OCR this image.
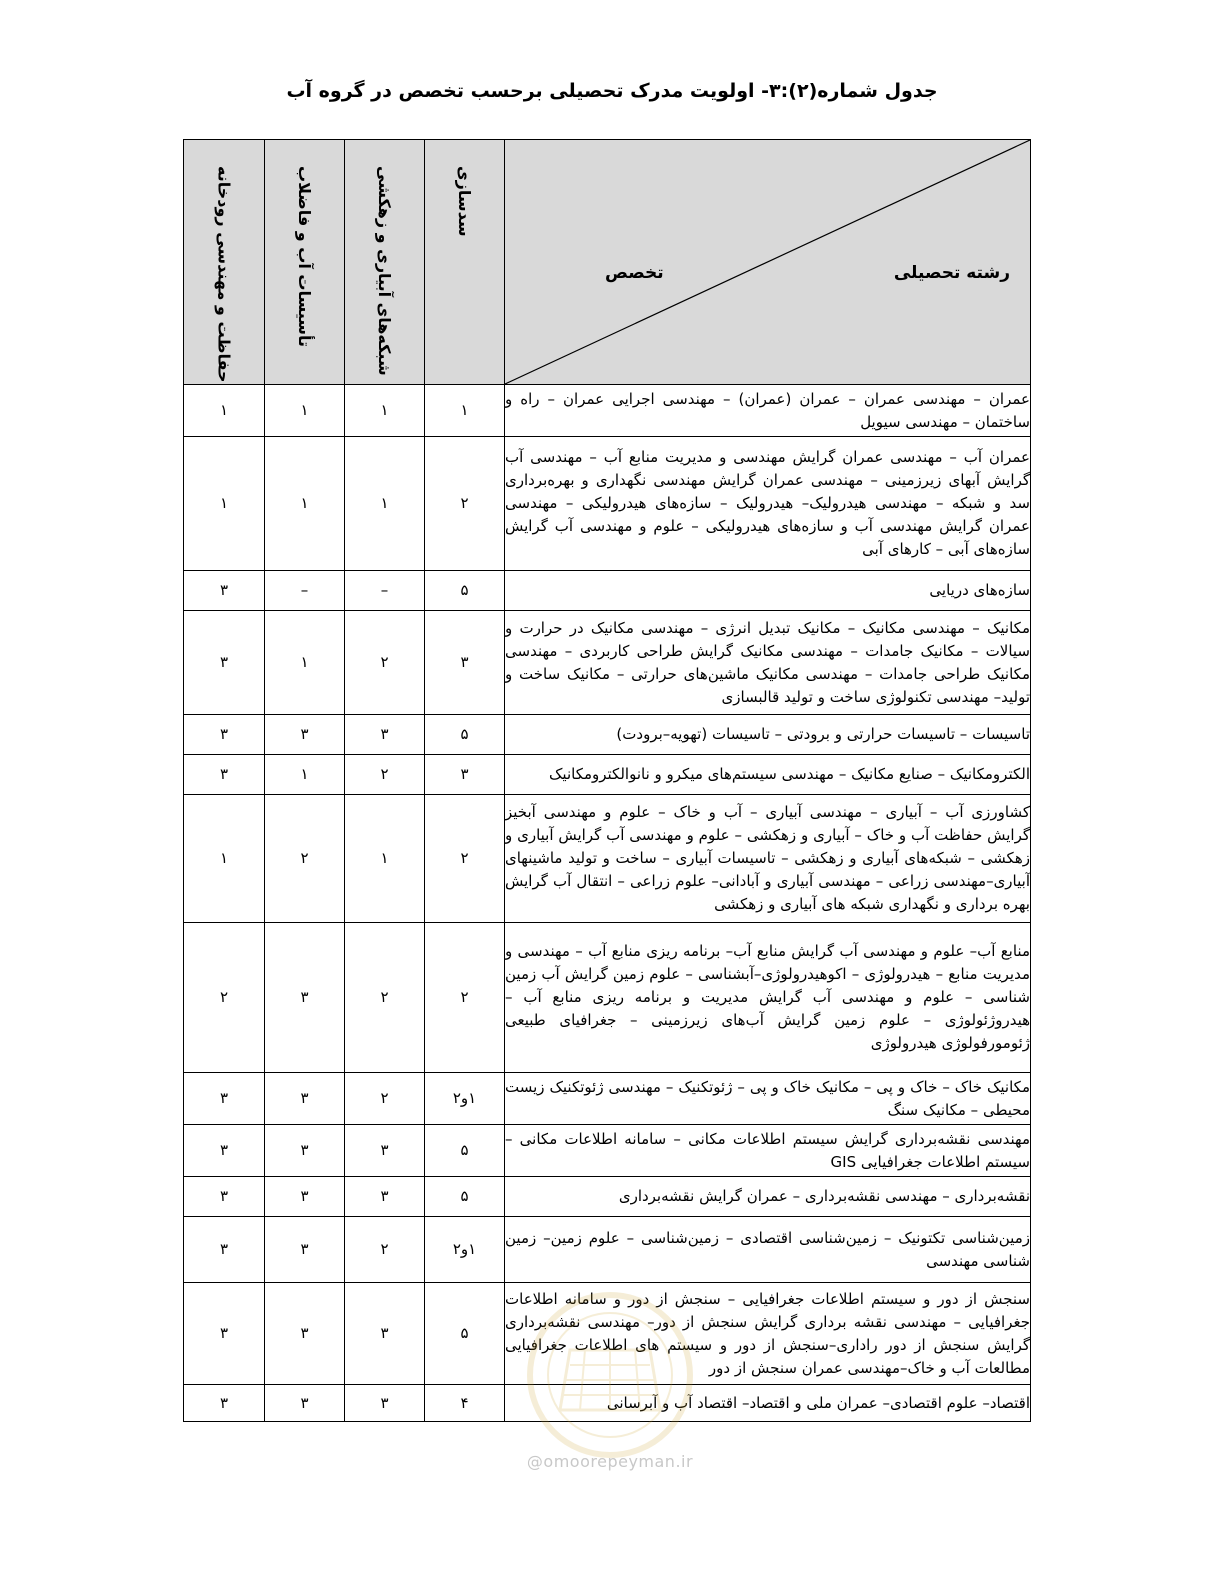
جدول شماره(۲):۳- اولویت مدرک تحصیلی برحسب تخصص در گروه آب
رشته تحصیلی
تخصص	سدسازی	شبکه‌های آبیاری و زهکشی	تأسیسات آب و فاضلاب	حفاظت و مهندسی رودخانه

عمران – مهندسی عمران – عمران (عمران) – مهندسی اجرایی عمران – راه و ساختمان – مهندسی سیویل	۱	۱	۱	۱
عمران آب – مهندسی عمران گرایش مهندسی و مدیریت منابع آب – مهندسی آب گرایش آبهای زیرزمینی – مهندسی عمران گرایش مهندسی نگهداری و بهره‌برداری سد و شبکه – مهندسی هیدرولیک– هیدرولیک – سازه‌های هیدرولیکی – مهندسی عمران گرایش مهندسی آب و سازه‌های هیدرولیکی – علوم و مهندسی آب گرایش سازه‌های آبی – کارهای آبی	۲	۱	۱	۱
سازه‌های دریایی	۵	–	–	۳
مکانیک – مهندسی مکانیک – مکانیک تبدیل انرژی – مهندسی مکانیک در حرارت و سیالات – مکانیک جامدات – مهندسی مکانیک گرایش طراحی کاربردی – مهندسی مکانیک طراحی جامدات – مهندسی مکانیک ماشین‌های حرارتی – مکانیک ساخت و تولید– مهندسی تکنولوژی ساخت و تولید قالبسازی	۳	۲	۱	۳
تاسیسات – تاسیسات حرارتی و برودتی – تاسیسات (تهویه–برودت)	۵	۳	۳	۳
الکترومکانیک – صنایع مکانیک – مهندسی سیستم‌های میکرو و نانوالکترومکانیک	۳	۲	۱	۳
کشاورزی آب – آبیاری – مهندسی آبیاری – آب و خاک – علوم و مهندسی آبخیز گرایش حفاظت آب و خاک – آبیاری و زهکشی – علوم و مهندسی آب گرایش آبیاری و زهکشی – شبکه‌های آبیاری و زهکشی – تاسیسات آبیاری – ساخت و تولید ماشینهای آبیاری–مهندسی زراعی – مهندسی آبیاری و آبادانی– علوم زراعی – انتقال آب گرایش بهره برداری و نگهداری شبکه های آبیاری و زهکشی	۲	۱	۲	۱
منابع آب– علوم و مهندسی آب گرایش منابع آب– برنامه ریزی منابع آب – مهندسی و مدیریت منابع – هیدرولوژی – اکوهیدرولوژی–آبشناسی – علوم زمین گرایش آب زمین شناسی – علوم و مهندسی آب گرایش مدیریت و برنامه ریزی منابع آب – هیدروژئولوژی – علوم زمین گرایش آب‌های زیرزمینی – جغرافیای طبیعی ژئومورفولوژی هیدرولوژی	۲	۲	۳	۲
مکانیک خاک – خاک و پی – مکانیک خاک و پی – ژئوتکنیک – مهندسی ژئوتکنیک زیست محیطی – مکانیک سنگ	۱و۲	۲	۳	۳
مهندسی نقشه‌برداری گرایش سیستم اطلاعات مکانی – سامانه اطلاعات مکانی – سیستم اطلاعات جغرافیایی GIS	۵	۳	۳	۳
نقشه‌برداری – مهندسی نقشه‌برداری – عمران گرایش نقشه‌برداری	۵	۳	۳	۳
زمین‌شناسی تکتونیک – زمین‌شناسی اقتصادی – زمین‌شناسی – علوم زمین– زمین شناسی مهندسی	۱و۲	۲	۳	۳
سنجش از دور و سیستم اطلاعات جغرافیایی – سنجش از دور و سامانه اطلاعات جغرافیایی – مهندسی نقشه برداری گرایش سنجش از دور– مهندسی نقشه‌برداری گرایش سنجش از دور راداری–سنجش از دور و سیستم های اطلاعات جغرافیایی مطالعات آب و خاک–مهندسی عمران سنجش از دور	۵	۳	۳	۳
اقتصاد– علوم اقتصادی– عمران ملی و اقتصاد– اقتصاد آب و آبرسانی	۴	۳	۳	۳
@omoorepeyman.ir
